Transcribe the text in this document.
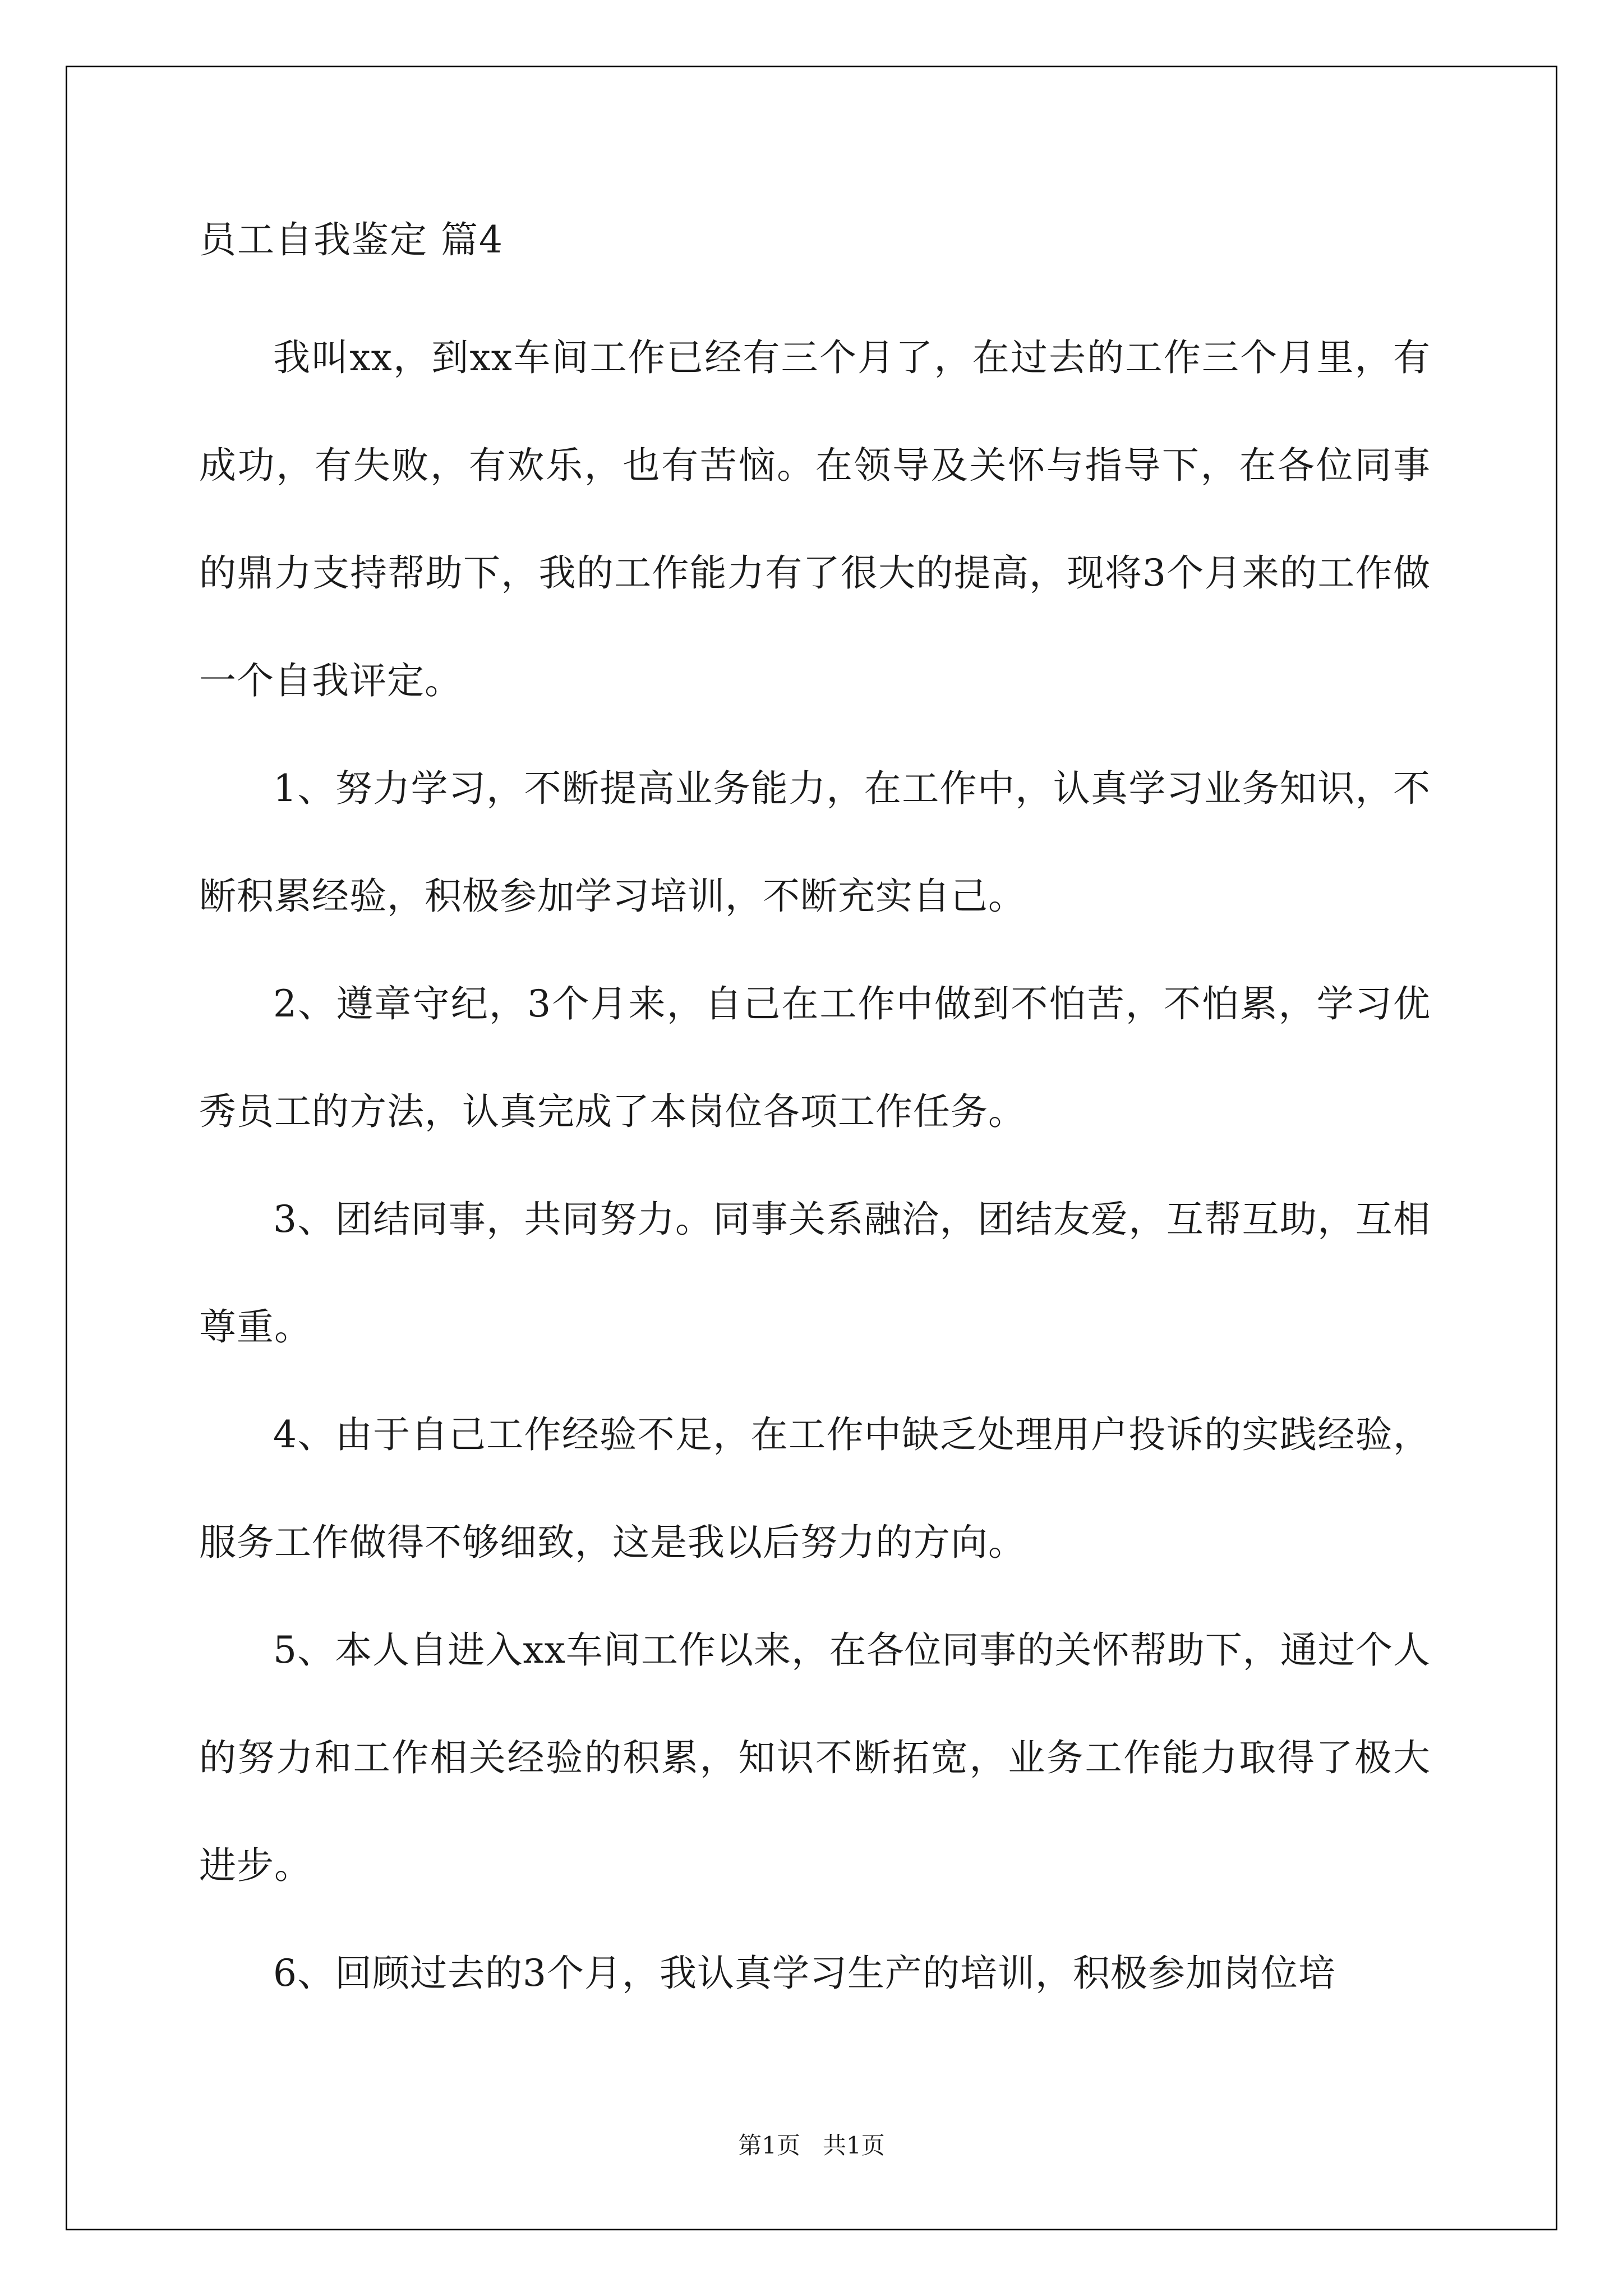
员工自我鉴定 篇4

我叫xx，到xx车间工作已经有三个月了，在过去的工作三个月里，有成功，有失败，有欢乐，也有苦恼。在领导及关怀与指导下，在各位同事的鼎力支持帮助下，我的工作能力有了很大的提高，现将3个月来的工作做一个自我评定。

1、努力学习，不断提高业务能力，在工作中，认真学习业务知识，不断积累经验，积极参加学习培训，不断充实自己。

2、遵章守纪，3个月来，自己在工作中做到不怕苦，不怕累，学习优秀员工的方法，认真完成了本岗位各项工作任务。

3、团结同事，共同努力。同事关系融洽，团结友爱，互帮互助，互相尊重。

4、由于自己工作经验不足，在工作中缺乏处理用户投诉的实践经验，服务工作做得不够细致，这是我以后努力的方向。

5、本人自进入xx车间工作以来，在各位同事的关怀帮助下，通过个人的努力和工作相关经验的积累，知识不断拓宽，业务工作能力取得了极大进步。

6、回顾过去的3个月，我认真学习生产的培训，积极参加岗位培

第1页 共1页
